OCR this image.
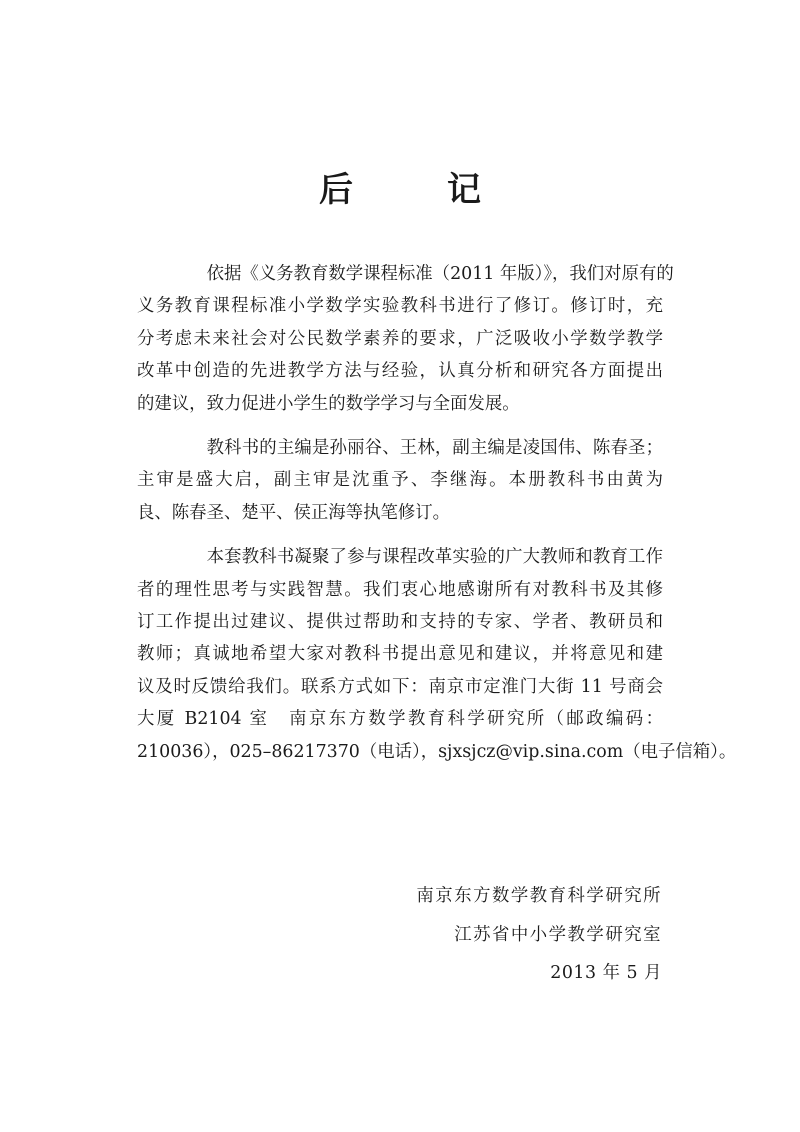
后　记
依据《义务教育数学课程标准（2011 年版）》，我们对原有的
义务教育课程标准小学数学实验教科书进行了修订。修订时，充
分考虑未来社会对公民数学素养的要求，广泛吸收小学数学教学
改革中创造的先进教学方法与经验，认真分析和研究各方面提出
的建议，致力促进小学生的数学学习与全面发展。
教科书的主编是孙丽谷、王林，副主编是凌国伟、陈春圣；
主审是盛大启，副主审是沈重予、李继海。本册教科书由黄为
良、陈春圣、楚平、侯正海等执笔修订。
本套教科书凝聚了参与课程改革实验的广大教师和教育工作
者的理性思考与实践智慧。我们衷心地感谢所有对教科书及其修
订工作提出过建议、提供过帮助和支持的专家、学者、教研员和
教师；真诚地希望大家对教科书提出意见和建议，并将意见和建
议及时反馈给我们。联系方式如下：南京市定淮门大街 11 号商会
大厦 B2104 室　南京东方数学教育科学研究所（邮政编码：
210036），025–86217370（电话），sjxsjcz@vip.sina.com（电子信箱）。
南京东方数学教育科学研究所
江苏省中小学教学研究室
2013 年 5 月
